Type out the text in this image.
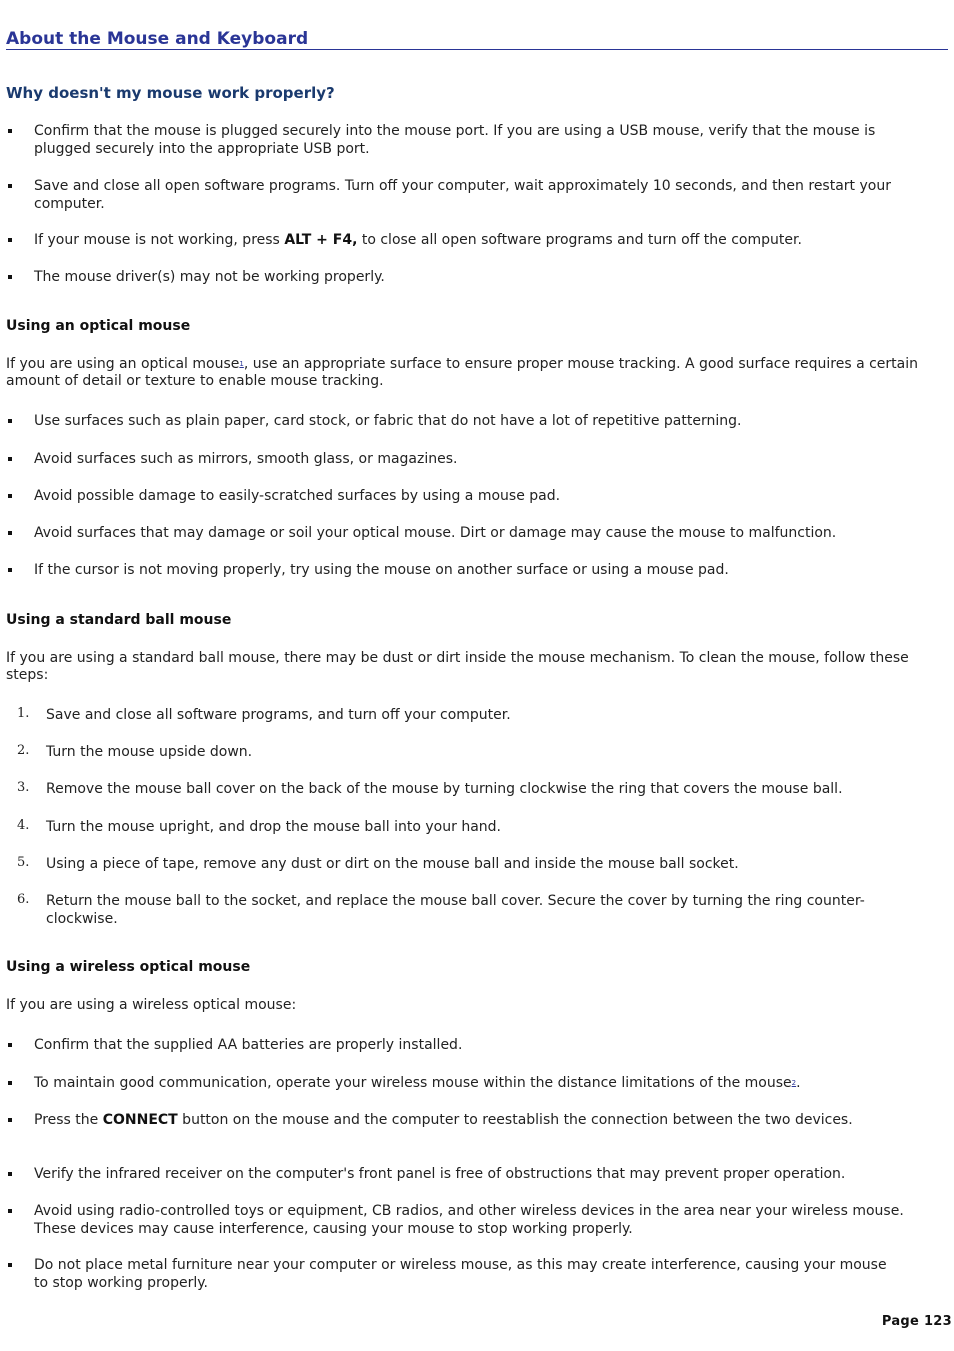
About the Mouse and Keyboard
Why doesn't my mouse work properly?
Confirm that the mouse is plugged securely into the mouse port. If you are using a USB mouse, verify that the mouse is plugged securely into the appropriate USB port.
Save and close all open software programs. Turn off your computer, wait approximately 10 seconds, and then restart your computer.
If your mouse is not working, press ALT + F4, to close all open software programs and turn off the computer.
The mouse driver(s) may not be working properly.
Using an optical mouse
If you are using an optical mouse1, use an appropriate surface to ensure proper mouse tracking. A good surface requires a certain amount of detail or texture to enable mouse tracking.
Use surfaces such as plain paper, card stock, or fabric that do not have a lot of repetitive patterning.
Avoid surfaces such as mirrors, smooth glass, or magazines.
Avoid possible damage to easily-scratched surfaces by using a mouse pad.
Avoid surfaces that may damage or soil your optical mouse. Dirt or damage may cause the mouse to malfunction.
If the cursor is not moving properly, try using the mouse on another surface or using a mouse pad.
Using a standard ball mouse
If you are using a standard ball mouse, there may be dust or dirt inside the mouse mechanism. To clean the mouse, follow these steps:
1. Save and close all software programs, and turn off your computer.
2. Turn the mouse upside down.
3. Remove the mouse ball cover on the back of the mouse by turning clockwise the ring that covers the mouse ball.
4. Turn the mouse upright, and drop the mouse ball into your hand.
5. Using a piece of tape, remove any dust or dirt on the mouse ball and inside the mouse ball socket.
6. Return the mouse ball to the socket, and replace the mouse ball cover. Secure the cover by turning the ring counter-clockwise.
Using a wireless optical mouse
If you are using a wireless optical mouse:
Confirm that the supplied AA batteries are properly installed.
To maintain good communication, operate your wireless mouse within the distance limitations of the mouse2.
Press the CONNECT button on the mouse and the computer to reestablish the connection between the two devices.
Verify the infrared receiver on the computer's front panel is free of obstructions that may prevent proper operation.
Avoid using radio-controlled toys or equipment, CB radios, and other wireless devices in the area near your wireless mouse. These devices may cause interference, causing your mouse to stop working properly.
Do not place metal furniture near your computer or wireless mouse, as this may create interference, causing your mouse to stop working properly.
Page 123
